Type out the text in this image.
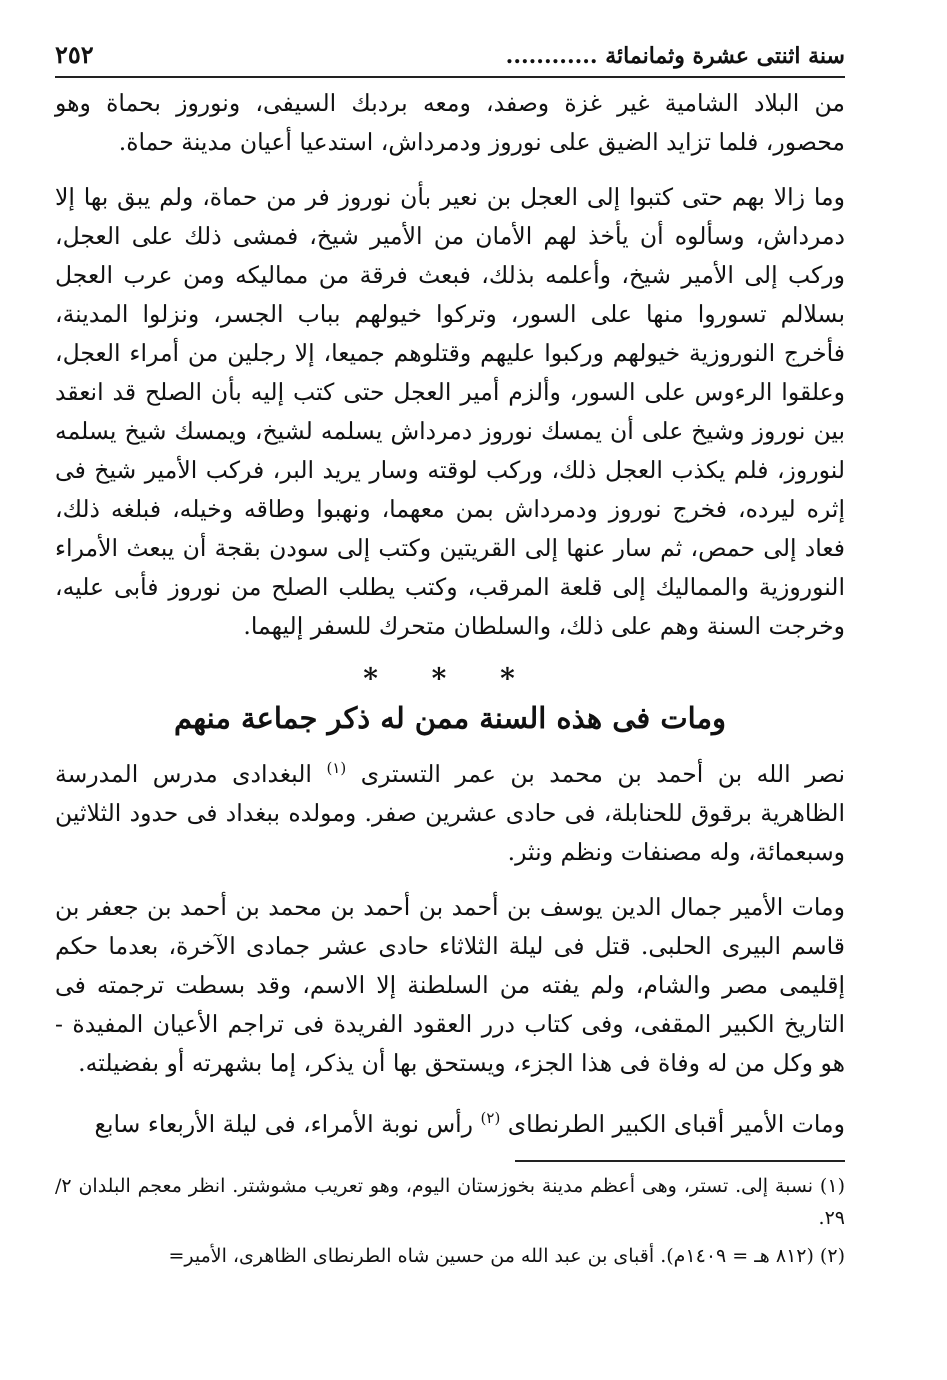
سنة اثنتى عشرة وثمانمائة ............
٢٥٢

من البلاد الشامية غير غزة وصفد، ومعه بردبك السيفى، ونوروز بحماة وهو محصور، فلما تزايد الضيق على نوروز ودمرداش، استدعيا أعيان مدينة حماة.

وما زالا بهم حتى كتبوا إلى العجل بن نعير بأن نوروز فر من حماة، ولم يبق بها إلا دمرداش، وسألوه أن يأخذ لهم الأمان من الأمير شيخ، فمشى ذلك على العجل، وركب إلى الأمير شيخ، وأعلمه بذلك، فبعث فرقة من مماليكه ومن عرب العجل بسلالم تسوروا منها على السور، وتركوا خيولهم بباب الجسر، ونزلوا المدينة، فأخرج النوروزية خيولهم وركبوا عليهم وقتلوهم جميعا، إلا رجلين من أمراء العجل، وعلقوا الرءوس على السور، وألزم أمير العجل حتى كتب إليه بأن الصلح قد انعقد بين نوروز وشيخ على أن يمسك نوروز دمرداش يسلمه لشيخ، ويمسك شيخ يسلمه لنوروز، فلم يكذب العجل ذلك، وركب لوقته وسار يريد البر، فركب الأمير شيخ فى إثره ليرده، فخرج نوروز ودمرداش بمن معهما، ونهبوا وطاقه وخيله، فبلغه ذلك، فعاد إلى حمص، ثم سار عنها إلى القريتين وكتب إلى سودن بقجة أن يبعث الأمراء النوروزية والمماليك إلى قلعة المرقب، وكتب يطلب الصلح من نوروز فأبى عليه، وخرجت السنة وهم على ذلك، والسلطان متحرك للسفر إليهما.

* * *
ومات فى هذه السنة ممن له ذكر جماعة منهم

نصر الله بن أحمد بن محمد بن عمر التسترى $^{(١)}$ البغدادى مدرس المدرسة الظاهرية برقوق للحنابلة، فى حادى عشرين صفر. ومولده ببغداد فى حدود الثلاثين وسبعمائة، وله مصنفات ونظم ونثر.

ومات الأمير جمال الدين يوسف بن أحمد بن أحمد بن محمد بن أحمد بن جعفر بن قاسم البيرى الحلبى. قتل فى ليلة الثلاثاء حادى عشر جمادى الآخرة، بعدما حكم إقليمى مصر والشام، ولم يفته من السلطنة إلا الاسم، وقد بسطت ترجمته فى التاريخ الكبير المقفى، وفى كتاب درر العقود الفريدة فى تراجم الأعيان المفيدة - هو وكل من له وفاة فى هذا الجزء، ويستحق بها أن يذكر، إما بشهرته أو بفضيلته.

ومات الأمير أقباى الكبير الطرنطاى $^{(٢)}$ رأس نوبة الأمراء، فى ليلة الأربعاء سابع

(١) نسبة إلى. تستر، وهى أعظم مدينة بخوزستان اليوم، وهو تعريب مشوشتر. انظر معجم البلدان ٢/ ٢٩.

(٢) (٨١٢ هـ = ١٤٠٩م). أقباى بن عبد الله من حسين شاه الطرنطاى الظاهرى، الأمير=
